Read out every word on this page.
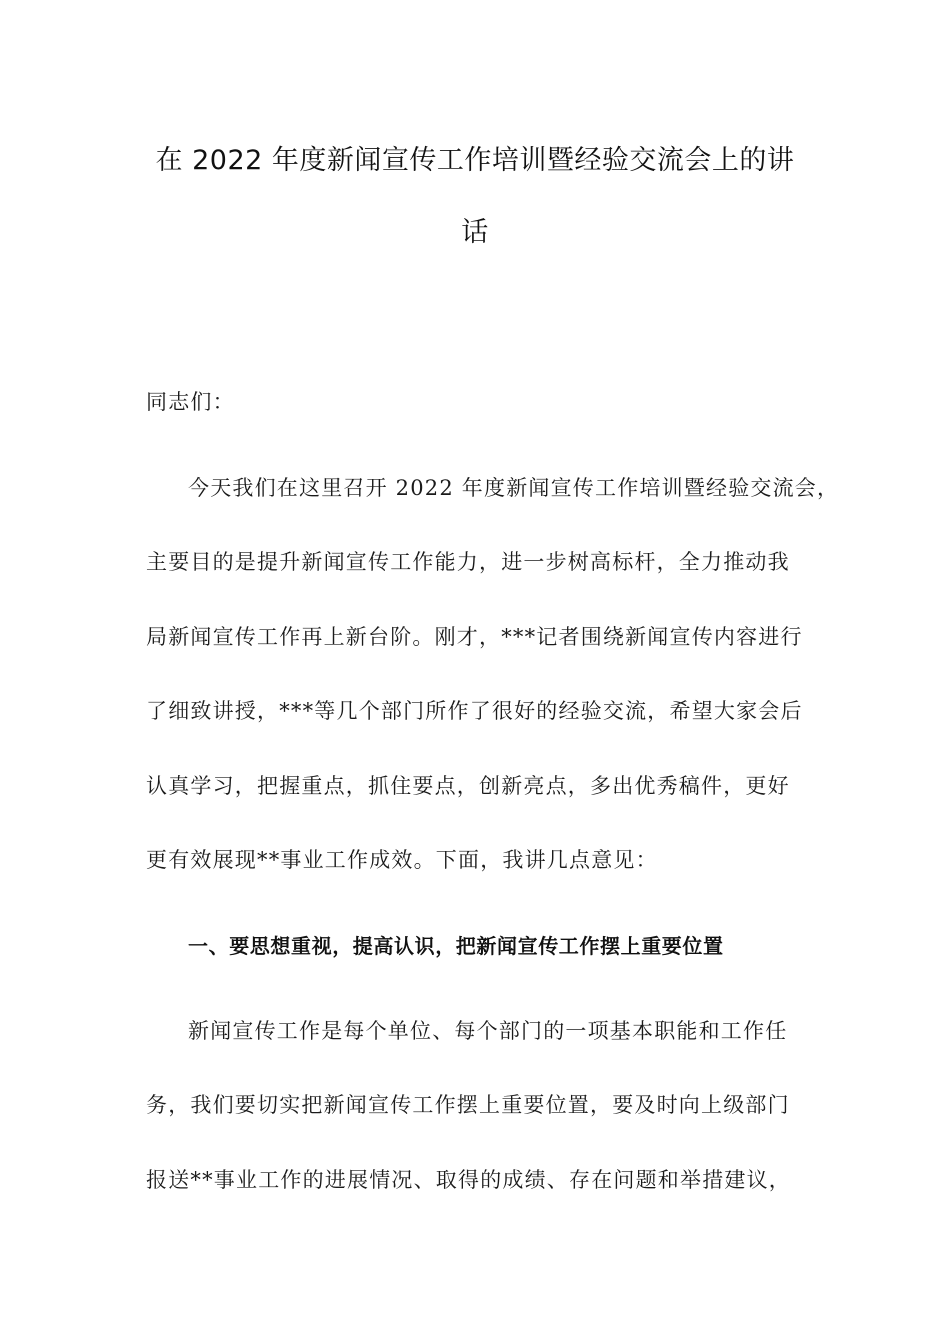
在 2022 年度新闻宣传工作培训暨经验交流会上的讲
话
同志们：
今天我们在这里召开 2022 年度新闻宣传工作培训暨经验交流会，
主要目的是提升新闻宣传工作能力，进一步树高标杆，全力推动我
局新闻宣传工作再上新台阶。刚才，***记者围绕新闻宣传内容进行
了细致讲授，***等几个部门所作了很好的经验交流，希望大家会后
认真学习，把握重点，抓住要点，创新亮点，多出优秀稿件，更好
更有效展现**事业工作成效。下面，我讲几点意见：
一、要思想重视，提高认识，把新闻宣传工作摆上重要位置
新闻宣传工作是每个单位、每个部门的一项基本职能和工作任
务，我们要切实把新闻宣传工作摆上重要位置，要及时向上级部门
报送**事业工作的进展情况、取得的成绩、存在问题和举措建议，
